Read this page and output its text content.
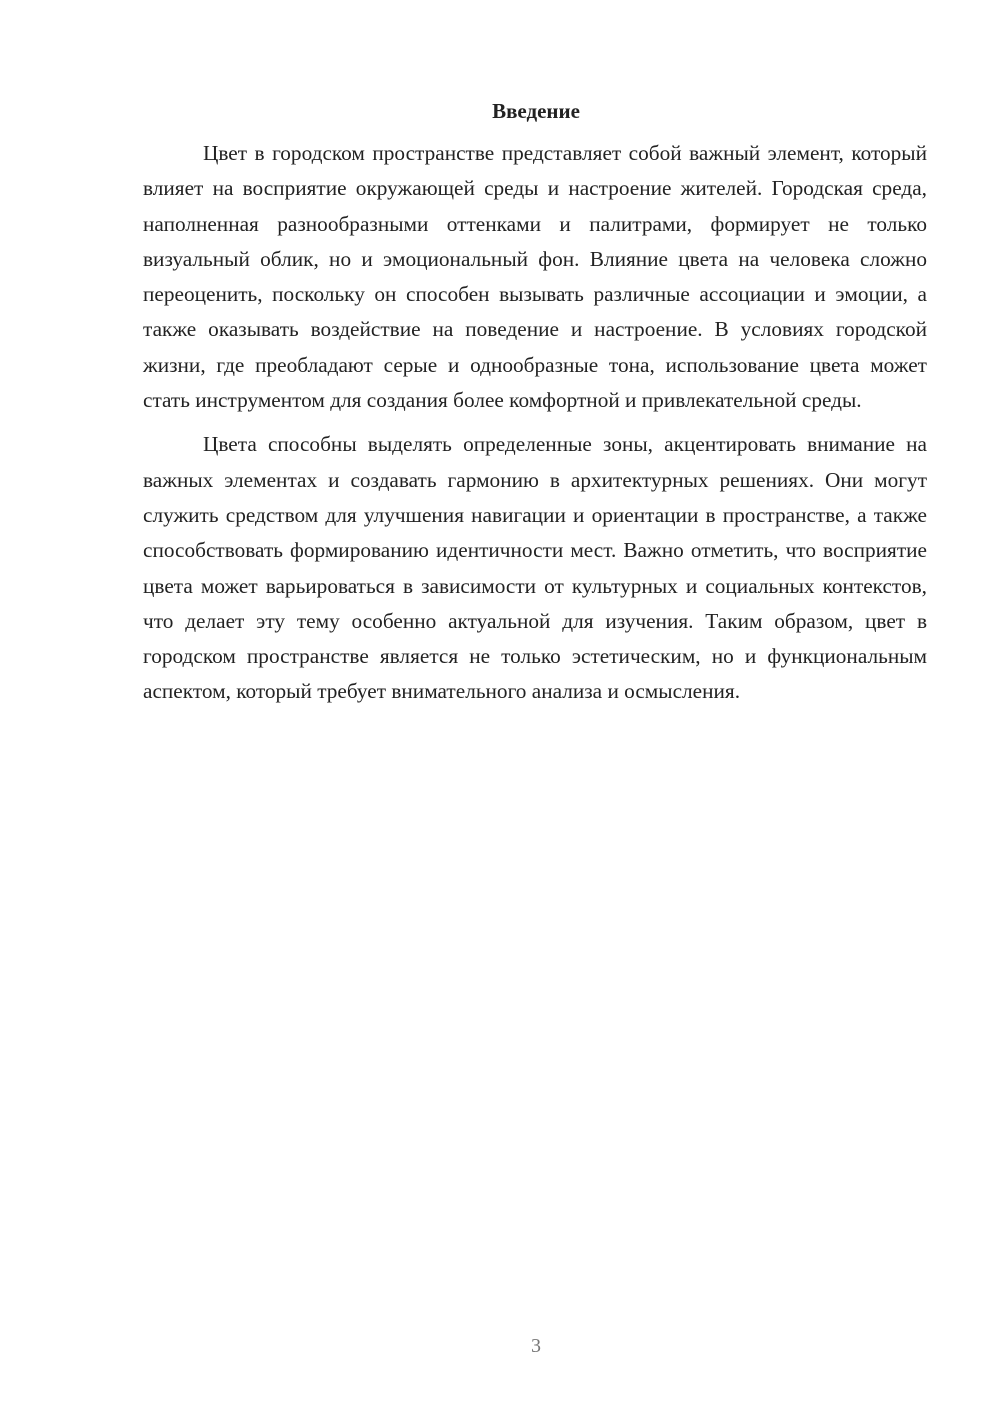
Введение

Цвет в городском пространстве представляет собой важный элемент, который влияет на восприятие окружающей среды и настроение жителей. Городская среда, наполненная разнообразными оттенками и палитрами, формирует не только визуальный облик, но и эмоциональный фон. Влияние цвета на человека сложно переоценить, поскольку он способен вызывать различные ассоциации и эмоции, а также оказывать воздействие на поведение и настроение. В условиях городской жизни, где преобладают серые и однообразные тона, использование цвета может стать инструментом для создания более комфортной и привлекательной среды.

Цвета способны выделять определенные зоны, акцентировать внимание на важных элементах и создавать гармонию в архитектурных решениях. Они могут служить средством для улучшения навигации и ориентации в пространстве, а также способствовать формированию идентичности мест. Важно отметить, что восприятие цвета может варьироваться в зависимости от культурных и социальных контекстов, что делает эту тему особенно актуальной для изучения. Таким образом, цвет в городском пространстве является не только эстетическим, но и функциональным аспектом, который требует внимательного анализа и осмысления.

3
